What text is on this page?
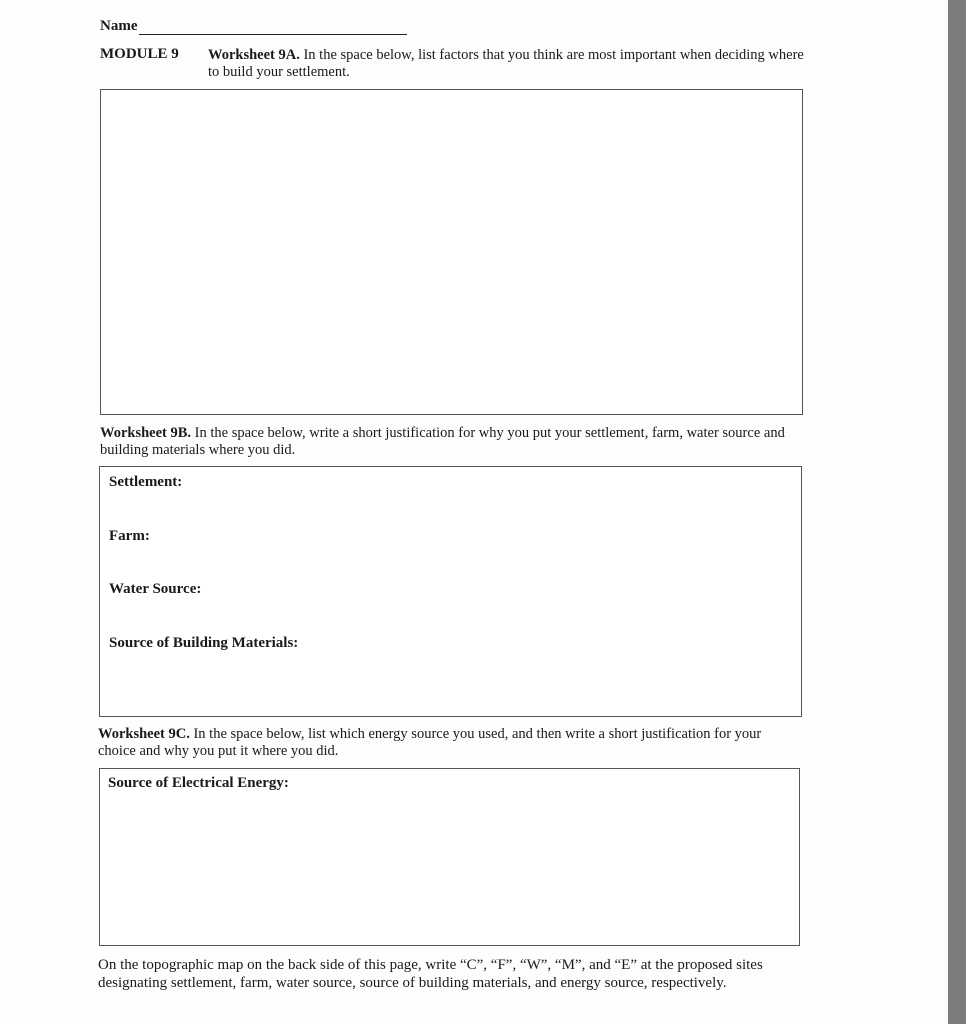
Name
MODULE 9 Worksheet 9A. In the space below, list factors that you think are most important when deciding where to build your settlement.
Worksheet 9B. In the space below, write a short justification for why you put your settlement, farm, water source and building materials where you did.
Settlement:
Farm:
Water Source:
Source of Building Materials:
Worksheet 9C. In the space below, list which energy source you used, and then write a short justification for your choice and why you put it where you did.
Source of Electrical Energy:
On the topographic map on the back side of this page, write “C”, “F”, “W”, “M”, and “E” at the proposed sites designating settlement, farm, water source, source of building materials, and energy source, respectively.
